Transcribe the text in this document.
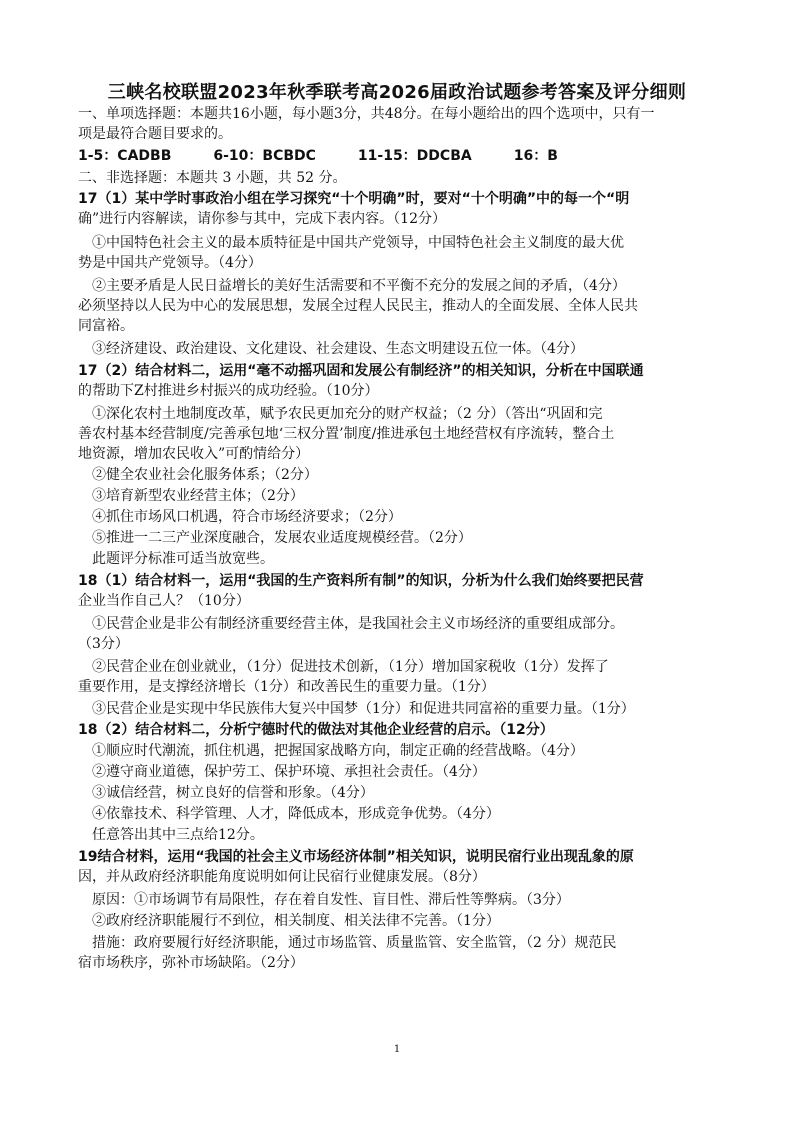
三峡名校联盟2023年秋季联考高2026届政治试题参考答案及评分细则
一、单项选择题：本题共16小题，每小题3分，共48分。在每小题给出的四个选项中，只有一
项是最符合题目要求的。
1-5：CADBB　　　6-10：BCBDC　　　11-15：DDCBA　　　16：B
二、非选择题：本题共 3 小题，共 52 分。
17（1）某中学时事政治小组在学习探究“十个明确”时，要对“十个明确”中的每一个“明
确”进行内容解读，请你参与其中，完成下表内容。（12分）
　①中国特色社会主义的最本质特征是中国共产党领导，中国特色社会主义制度的最大优
势是中国共产党领导。（4分）
　②主要矛盾是人民日益增长的美好生活需要和不平衡不充分的发展之间的矛盾，（4分）
必须坚持以人民为中心的发展思想，发展全过程人民民主，推动人的全面发展、全体人民共
同富裕。
　③经济建设、政治建设、文化建设、社会建设、生态文明建设五位一体。（4分）
17（2）结合材料二，运用“毫不动摇巩固和发展公有制经济”的相关知识，分析在中国联通
的帮助下Z村推进乡村振兴的成功经验。（10分）
　①深化农村土地制度改革，赋予农民更加充分的财产权益；（2 分）（答出“巩固和完
善农村基本经营制度/完善承包地‘三权分置’制度/推进承包土地经营权有序流转，整合土
地资源，增加农民收入”可酌情给分）
　②健全农业社会化服务体系；（2分）
　③培育新型农业经营主体；（2分）
　④抓住市场风口机遇，符合市场经济要求；（2分）
　⑤推进一二三产业深度融合，发展农业适度规模经营。（2分）
　此题评分标准可适当放宽些。
18（1）结合材料一，运用“我国的生产资料所有制”的知识，分析为什么我们始终要把民营
企业当作自己人？（10分）
　①民营企业是非公有制经济重要经营主体，是我国社会主义市场经济的重要组成部分。
（3分）
　②民营企业在创业就业，（1分）促进技术创新，（1分）增加国家税收（1分）发挥了
重要作用，是支撑经济增长（1分）和改善民生的重要力量。（1分）
　③民营企业是实现中华民族伟大复兴中国梦（1分）和促进共同富裕的重要力量。（1分）
18（2）结合材料二，分析宁德时代的做法对其他企业经营的启示。（12分）
　①顺应时代潮流，抓住机遇，把握国家战略方向，制定正确的经营战略。（4分）
　②遵守商业道德，保护劳工、保护环境、承担社会责任。（4分）
　③诚信经营，树立良好的信誉和形象。（4分）
　④依靠技术、科学管理、人才，降低成本，形成竞争优势。（4分）
　任意答出其中三点给12分。
19结合材料，运用“我国的社会主义市场经济体制”相关知识，说明民宿行业出现乱象的原
因，并从政府经济职能角度说明如何让民宿行业健康发展。（8分）
　原因：①市场调节有局限性，存在着自发性、盲目性、滞后性等弊病。（3分）
　②政府经济职能履行不到位，相关制度、相关法律不完善。（1分）
　措施：政府要履行好经济职能，通过市场监管、质量监管、安全监管，（2 分）规范民
宿市场秩序，弥补市场缺陷。（2分）
1
